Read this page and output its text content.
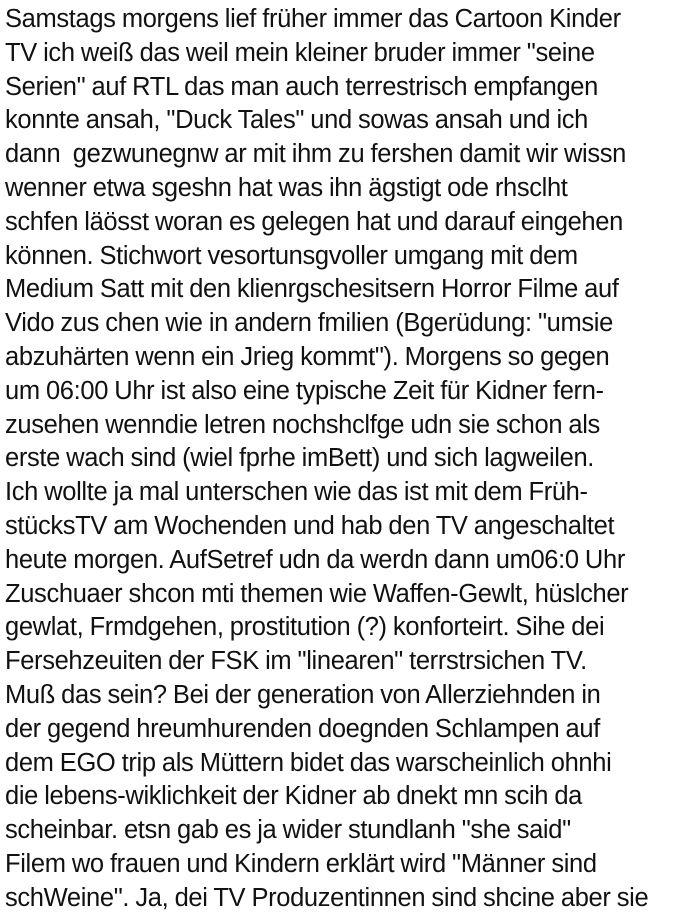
Samstags morgens lief früher immer das Cartoon Kinder
TV ich weiß das weil mein kleiner bruder immer "seine
Serien" auf RTL das man auch terrestrisch empfangen
konnte ansah, "Duck Tales" und sowas ansah und ich
dann  gezwunegnw ar mit ihm zu fershen damit wir wissn
wenner etwa sgeshn hat was ihn ägstigt ode rhsclht
schfen läösst woran es gelegen hat und darauf eingehen
können. Stichwort vesortunsgvoller umgang mit dem
Medium Satt mit den klienrgschesitsern Horror Filme auf
Vido zus chen wie in andern fmilien (Bgerüdung: "umsie
abzuhärten wenn ein Jrieg kommt"). Morgens so gegen
um 06:00 Uhr ist also eine typische Zeit für Kidner fern-
zusehen wenndie letren nochshclfge udn sie schon als
erste wach sind (wiel fprhe imBett) und sich lagweilen.
Ich wollte ja mal unterschen wie das ist mit dem Früh-
stücksTV am Wochenden und hab den TV angeschaltet
heute morgen. AufSetref udn da werdn dann um06:0 Uhr
Zuschuaer shcon mti themen wie Waffen-Gewlt, hüslcher
gewlat, Frmdgehen, prostitution (?) konforteirt. Sihe dei
Fersehzeuiten der FSK im "linearen" terrstrsichen TV.
Muß das sein? Bei der generation von Allerziehnden in
der gegend hreumhurenden doegnden Schlampen auf
dem EGO trip als Müttern bidet das warscheinlich ohnhi
die lebens-wiklichkeit der Kidner ab dnekt mn scih da
scheinbar. etsn gab es ja wider stundlanh "she said"
Filem wo frauen und Kindern erklärt wird "Männer sind
schWeine". Ja, dei TV Produzentinnen sind shcine aber sie
